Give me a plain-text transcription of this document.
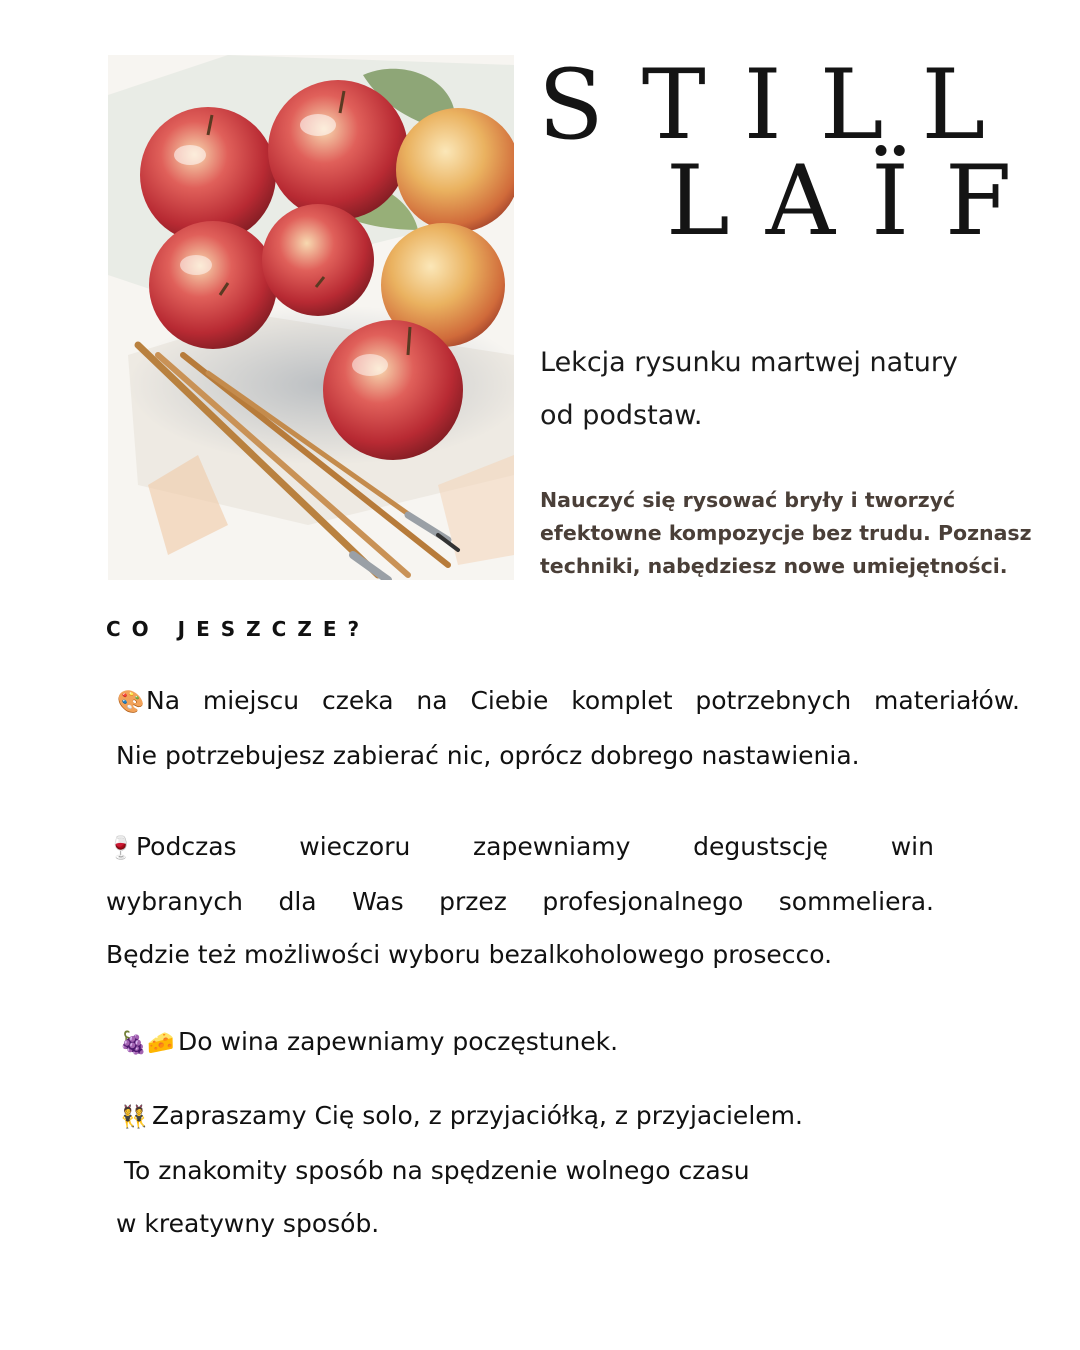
STILL
LAÏF
Lekcja rysunku martwej natury
od podstaw.
Nauczyć się rysować bryły i tworzyć
efektowne kompozycje bez trudu. Poznasz
techniki, nabędziesz nowe umiejętności.
CO JESZCZE?
🎨 Na miejscu czeka na Ciebie komplet potrzebnych materiałów.
Nie potrzebujesz zabierać nic, oprócz dobrego nastawienia.
🍷 Podczas	wieczoru	zapewniamy	degustscję	win
wybranych dla Was przez profesjonalnego sommeliera.
Będzie też możliwości wyboru bezalkoholowego prosecco.
🍇🧀 Do wina zapewniamy poczęstunek.
👯 Zapraszamy Cię solo, z przyjaciółką, z przyjacielem.
To znakomity sposób na spędzenie wolnego czasu
w kreatywny sposób.
